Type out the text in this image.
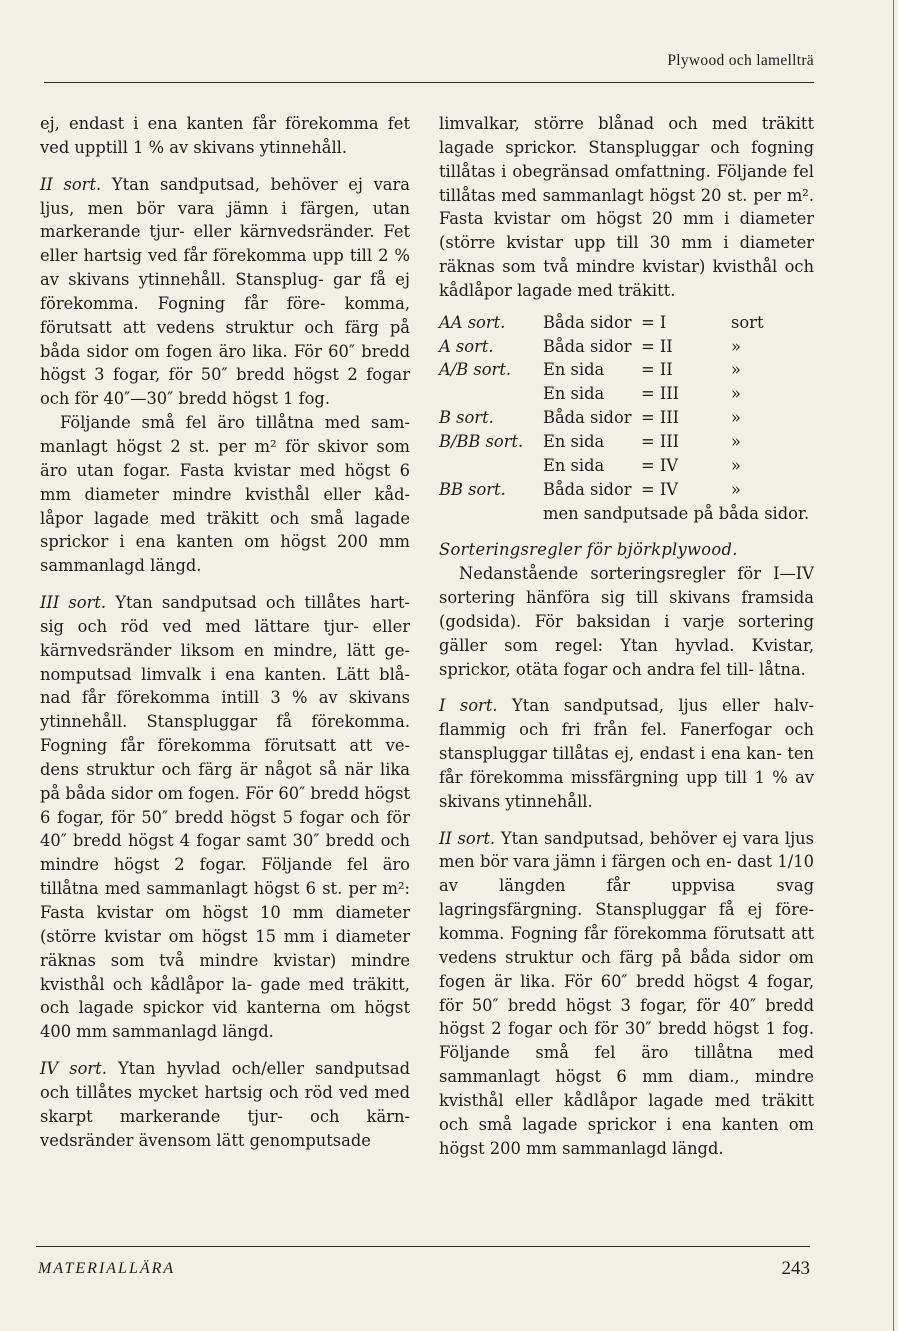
Plywood och lamellträ

ej, endast i ena kanten får förekomma fet ved upptill 1 % av skivans ytinnehåll.

II sort. Ytan sandputsad, behöver ej vara ljus, men bör vara jämn i färgen, utan markerande tjur- eller kärnvedsränder. Fet eller hartsig ved får förekomma upp till 2 % av skivans ytinnehåll. Stansplug- gar få ej förekomma. Fogning får före- komma, förutsatt att vedens struktur och färg på båda sidor om fogen äro lika. För 60″ bredd högst 3 fogar, för 50″ bredd högst 2 fogar och för 40″—30″ bredd högst 1 fog.

Följande små fel äro tillåtna med sam- manlagt högst 2 st. per m² för skivor som äro utan fogar. Fasta kvistar med högst 6 mm diameter mindre kvisthål eller kåd- låpor lagade med träkitt och små lagade sprickor i ena kanten om högst 200 mm sammanlagd längd.

III sort. Ytan sandputsad och tillåtes hart- sig och röd ved med lättare tjur- eller kärnvedsränder liksom en mindre, lätt ge- nomputsad limvalk i ena kanten. Lätt blå- nad får förekomma intill 3 % av skivans ytinnehåll. Stanspluggar få förekomma. Fogning får förekomma förutsatt att ve- dens struktur och färg är något så när lika på båda sidor om fogen. För 60″ bredd högst 6 fogar, för 50″ bredd högst 5 fogar och för 40″ bredd högst 4 fogar samt 30″ bredd och mindre högst 2 fogar. Följande fel äro tillåtna med sammanlagt högst 6 st. per m²: Fasta kvistar om högst 10 mm diameter (större kvistar om högst 15 mm i diameter räknas som två mindre kvistar) mindre kvisthål och kådlåpor la- gade med träkitt, och lagade spickor vid kanterna om högst 400 mm sammanlagd längd.

IV sort. Ytan hyvlad och/eller sandputsad och tillåtes mycket hartsig och röd ved med skarpt markerande tjur- och kärn- vedsränder ävensom lätt genomputsade

limvalkar, större blånad och med träkitt lagade sprickor. Stanspluggar och fogning tillåtas i obegränsad omfattning. Följande fel tillåtas med sammanlagt högst 20 st. per m². Fasta kvistar om högst 20 mm i diameter (större kvistar upp till 30 mm i diameter räknas som två mindre kvistar) kvisthål och kådlåpor lagade med träkitt.

AA sort.	Båda sidor	= I	sort
A sort.	Båda sidor	= II	»
A/B sort.	En sida	= II	»
	En sida	= III	»
B sort.	Båda sidor	= III	»
B/BB sort.	En sida	= III	»
	En sida	= IV	»
BB sort.	Båda sidor	= IV	»
men sandputsade på båda sidor.

Sorteringsregler för björkplywood.

Nedanstående sorteringsregler för I—IV sortering hänföra sig till skivans framsida (godsida). För baksidan i varje sortering gäller som regel: Ytan hyvlad. Kvistar, sprickor, otäta fogar och andra fel till- låtna.

I sort. Ytan sandputsad, ljus eller halv- flammig och fri från fel. Fanerfogar och stanspluggar tillåtas ej, endast i ena kan- ten får förekomma missfärgning upp till 1 % av skivans ytinnehåll.

II sort. Ytan sandputsad, behöver ej vara ljus men bör vara jämn i färgen och en- dast 1/10 av längden får uppvisa svag lagringsfärgning. Stanspluggar få ej före- komma. Fogning får förekomma förutsatt att vedens struktur och färg på båda sidor om fogen är lika. För 60″ bredd högst 4 fogar, för 50″ bredd högst 3 fogar, för 40″ bredd högst 2 fogar och för 30″ bredd högst 1 fog. Följande små fel äro tillåtna med sammanlagt högst 6 mm diam., mindre kvisthål eller kådlåpor lagade med träkitt och små lagade sprickor i ena kanten om högst 200 mm sammanlagd längd.

MATERIALLÄRA	243
